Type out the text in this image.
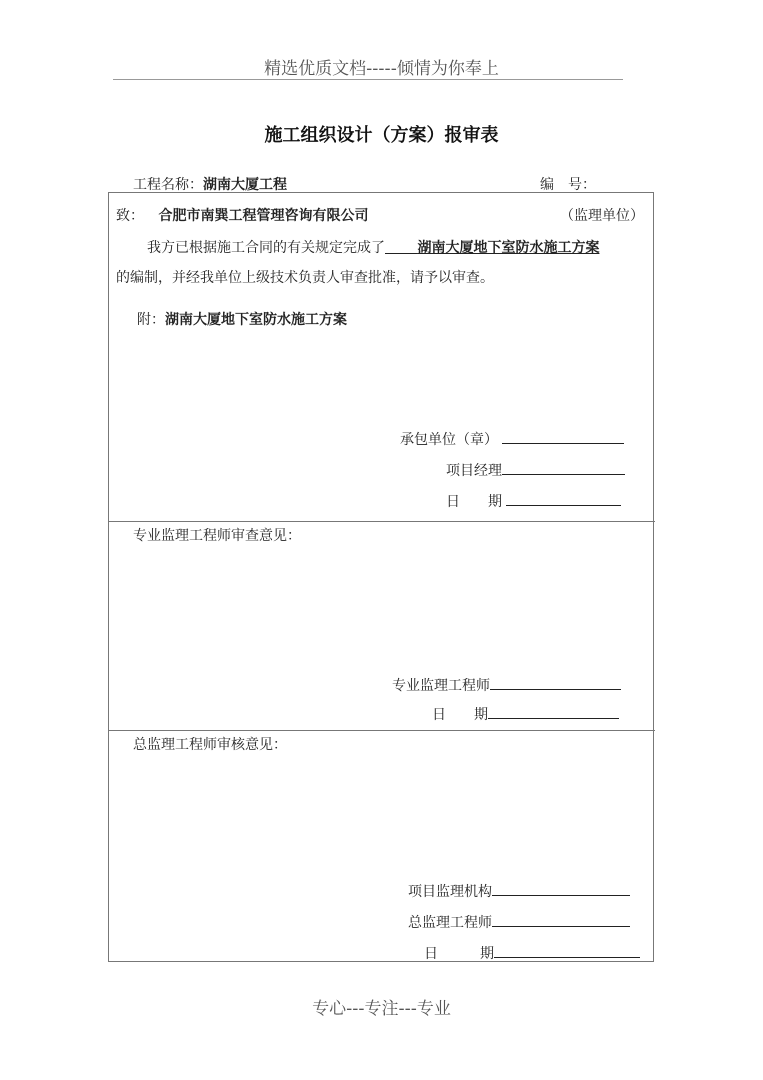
精选优质文档-----倾情为你奉上
施工组织设计（方案）报审表
工程名称：湖南大厦工程	编　号：
致： 合肥市南巽工程管理咨询有限公司	（监理单位）
我方已根据施工合同的有关规定完成了　　 湖南大厦地下室防水施工方案
的编制，并经我单位上级技术负责人审查批准，请予以审查。
附：湖南大厦地下室防水施工方案
承包单位（章）
项目经理
日　　期
专业监理工程师审查意见：
专业监理工程师
日　　期
总监理工程师审核意见：
项目监理机构
总监理工程师
日　　　期
专心---专注---专业
